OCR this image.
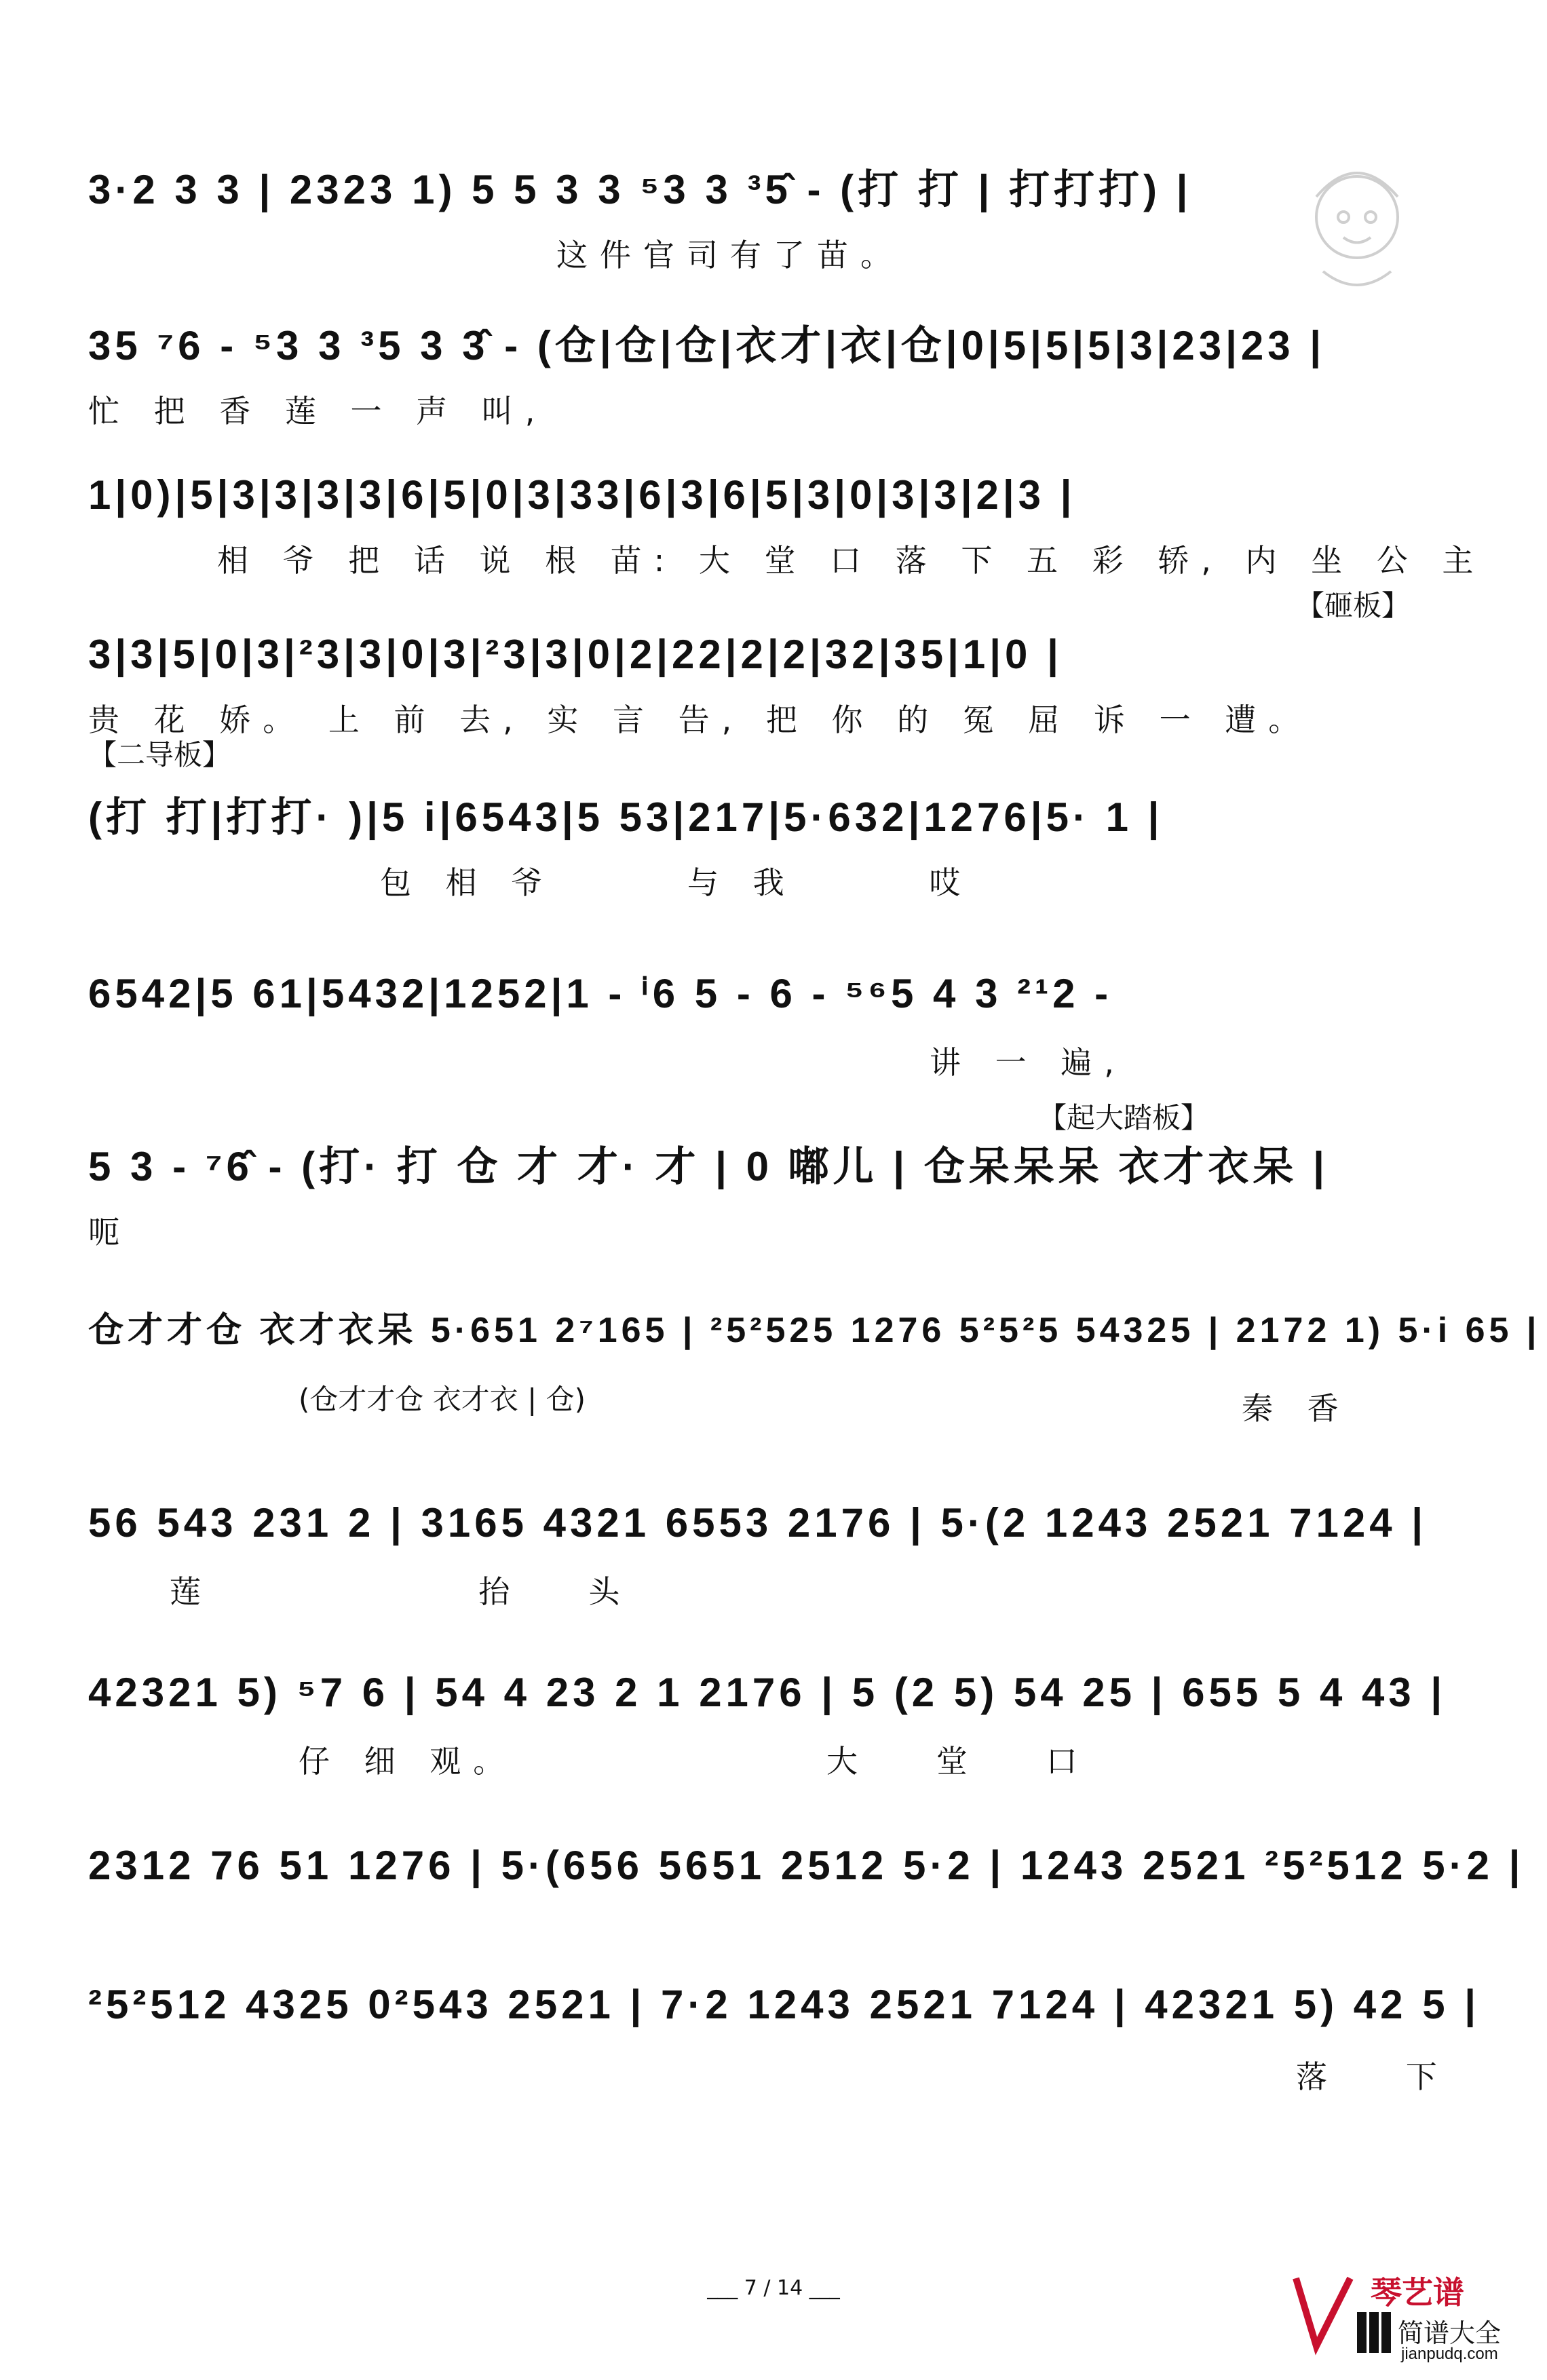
3·2 3 3 | 2323 1) 5 5 3 3 ⁵3 3 ³5̂ - (打 打 | 打打打) |
这件官司有了苗。
35 ⁷6 - ⁵3 3 ³5 3 3̂ - (仓|仓|仓|衣才|衣|仓|0|5|5|5|3|23|23 |
忙 把 香 莲 一 声 叫,
1|0)|5|3|3|3|3|6|5|0|3|33|6|3|6|5|3|0|3|3|2|3 |
相 爷 把 话 说 根 苗: 大 堂 口 落 下 五 彩 轿, 内 坐 公 主
【砸板】
3|3|5|0|3|²3|3|0|3|²3|3|0|2|22|2|2|32|35|1|0 |
贵 花 娇。 上 前 去, 实 言 告, 把 你 的 冤 屈 诉 一 遭。
【二导板】
(打 打|打打· )|5 i|6543|5 53|217|5·632|1276|5· 1 |
包 相 爷      与 我      哎
6542|5 61|5432|1252|1 - ⁱ6 5 - 6 - ⁵⁶5 4 3 ²¹2 -
讲 一 遍,
【起大踏板】
5 3 - ⁷6̂ - (打· 打 仓 才 才· 才 | 0 嘟儿 | 仓呆呆呆 衣才衣呆 |
呃
仓才才仓 衣才衣呆 5·651 2⁷165 | ²5²525 1276 5²5²5 54325 | 2172 1) 5·i 65 |
(仓才才仓 衣才衣 | 仓)	秦 香
56 543 231 2 | 3165 4321 6553 2176 | 5·(2 1243 2521 7124 |
莲            抬   头
42321 5) ⁵7 6 | 54 4 23 2 1 2176 | 5 (2 5) 54 25 | 655 5 4 43 |
仔 细 观。              大   堂   口
2312 76 51 1276 | 5·(656 5651 2512 5·2 | 1243 2521 ²5²512 5·2 |
²5²512 4325 0²543 2521 | 7·2 1243 2521 7124 | 42321 5) 42 5 |
落   下
___ 7 / 14 ___	琴艺谱
简谱大全
jianpudq.com
